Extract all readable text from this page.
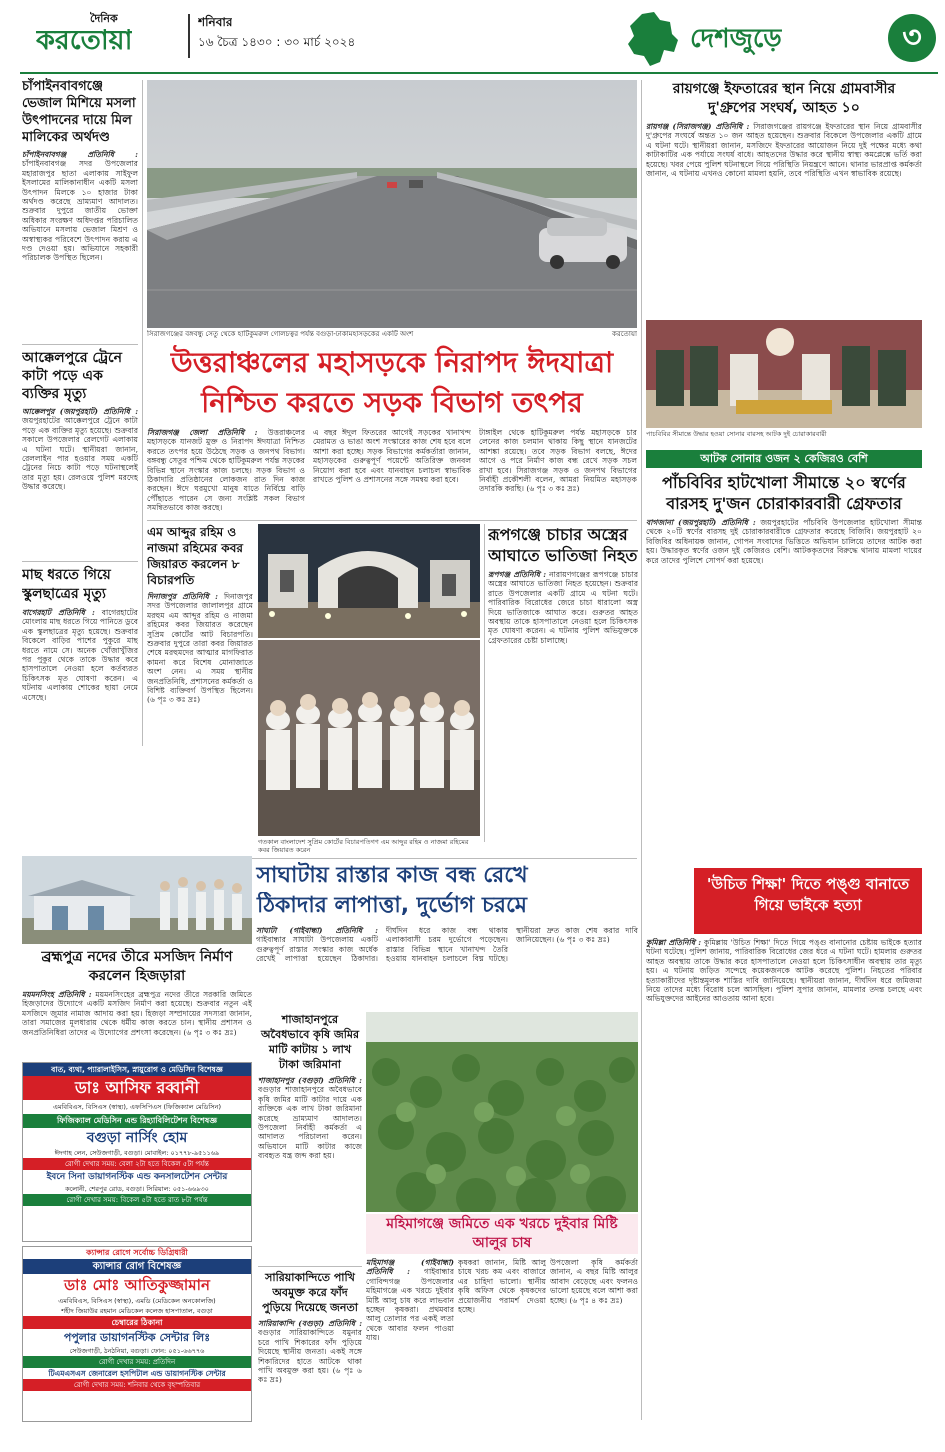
দৈনিক
করতোয়া
শনিবার
১৬ চৈত্র ১৪৩০ : ৩০ মার্চ ২০২৪	দেশজুড়ে	৩
চাঁপাইনবাবগঞ্জে ভেজাল মিশিয়ে মসলা উৎপাদনের দায়ে মিল মালিকের অর্থদণ্ড
চাঁপাইনবাবগঞ্জ প্রতিনিধি : চাঁপাইনবাবগঞ্জ সদর উপজেলার মহারাজপুর ছাতা এলাকায় সাইফুল ইসলামের মালিকানাধীন একটি মসলা উৎপাদন মিলকে ১০ হাজার টাকা অর্থদণ্ড করেছে ভ্রাম্যমাণ আদালত। শুক্রবার দুপুরে জাতীয় ভোক্তা অধিকার সংরক্ষণ অধিদপ্তর পরিচালিত অভিযানে মসলায় ভেজাল মিশ্রণ ও অস্বাস্থ্যকর পরিবেশে উৎপাদন করায় এ দণ্ড দেওয়া হয়। অভিযানে সহকারী পরিচালক উপস্থিত ছিলেন।
আক্কেলপুরে ট্রেনে কাটা পড়ে এক ব্যক্তির মৃত্যু
আক্কেলপুর (জয়পুরহাট) প্রতিনিধি : জয়পুরহাটের আক্কেলপুরে ট্রেনে কাটা পড়ে এক ব্যক্তির মৃত্যু হয়েছে। শুক্রবার সকালে উপজেলার রেলগেট এলাকায় এ ঘটনা ঘটে। স্থানীয়রা জানান, রেললাইন পার হওয়ার সময় একটি ট্রেনের নিচে কাটা পড়ে ঘটনাস্থলেই তার মৃত্যু হয়। রেলওয়ে পুলিশ মরদেহ উদ্ধার করেছে।
মাছ ধরতে গিয়ে স্কুলছাত্রের মৃত্যু
বাগেরহাট প্রতিনিধি : বাগেরহাটের মোংলায় মাছ ধরতে গিয়ে পানিতে ডুবে এক স্কুলছাত্রের মৃত্যু হয়েছে। শুক্রবার বিকেলে বাড়ির পাশের পুকুরে মাছ ধরতে নামে সে। অনেক খোঁজাখুঁজির পর পুকুর থেকে তাকে উদ্ধার করে হাসপাতালে নেওয়া হলে কর্তব্যরত চিকিৎসক মৃত ঘোষণা করেন। এ ঘটনায় এলাকায় শোকের ছায়া নেমে এসেছে।
সিরাজগঞ্জের বঙ্গবন্ধু সেতু থেকে হাটিকুমরুল গোলচত্বর পর্যন্ত বগুড়া-ঢাকামহাসড়কের একটি অংশ	করতোয়া
উত্তরাঞ্চলের মহাসড়কে নিরাপদ ঈদযাত্রা
নিশ্চিত করতে সড়ক বিভাগ তৎপর
সিরাজগঞ্জ জেলা প্রতিনিধি : উত্তরাঞ্চলের মহাসড়কে যানজট মুক্ত ও নিরাপদ ঈদযাত্রা নিশ্চিত করতে তৎপর হয়ে উঠেছে সড়ক ও জনপথ বিভাগ। বঙ্গবন্ধু সেতুর পশ্চিম থেকে হাটিকুমরুল পর্যন্ত সড়কের বিভিন্ন স্থানে সংস্কার কাজ চলছে। সড়ক বিভাগ ও ঠিকাদারি প্রতিষ্ঠানের লোকজন রাত দিন কাজ করছেন। ঈদে ঘরমুখো মানুষ যাতে নির্বিঘ্নে বাড়ি পৌঁছাতে পারেন সে জন্য সংশ্লিষ্ট সকল বিভাগ সমন্বিতভাবে কাজ করছে।
এ বছর ঈদুল ফিতরের আগেই সড়কের খানাখন্দ মেরামত ও ভাঙা অংশ সংস্কারের কাজ শেষ হবে বলে আশা করা হচ্ছে। সড়ক বিভাগের কর্মকর্তারা জানান, মহাসড়কের গুরুত্বপূর্ণ পয়েন্টে অতিরিক্ত জনবল নিয়োগ করা হবে এবং যানবাহন চলাচল স্বাভাবিক রাখতে পুলিশ ও প্রশাসনের সঙ্গে সমন্বয় করা হবে।
টাঙ্গাইল থেকে হাটিকুমরুল পর্যন্ত মহাসড়কে চার লেনের কাজ চলমান থাকায় কিছু স্থানে যানজটের আশঙ্কা রয়েছে। তবে সড়ক বিভাগ বলছে, ঈদের আগে ও পরে নির্মাণ কাজ বন্ধ রেখে সড়ক সচল রাখা হবে। সিরাজগঞ্জ সড়ক ও জনপথ বিভাগের নির্বাহী প্রকৌশলী বলেন, আমরা নিয়মিত মহাসড়ক তদারকি করছি। (৬ পৃঃ ৩ কঃ দ্রঃ)
এম আব্দুর রহিম ও নাজমা রহিমের কবর জিয়ারত করলেন ৮ বিচারপতি
দিনাজপুর প্রতিনিধি : দিনাজপুর সদর উপজেলার জালালপুর গ্রামে মরহুম এম আব্দুর রহিম ও নাজমা রহিমের কবর জিয়ারত করেছেন সুপ্রিম কোর্টের আট বিচারপতি। শুক্রবার দুপুরে তারা কবর জিয়ারত শেষে মরহুমদের আত্মার মাগফিরাত কামনা করে বিশেষ মোনাজাতে অংশ নেন। এ সময় স্থানীয় জনপ্রতিনিধি, প্রশাসনের কর্মকর্তা ও বিশিষ্ট ব্যক্তিবর্গ উপস্থিত ছিলেন। (৬ পৃঃ ৩ কঃ দ্রঃ)
গতকাল বাংলাদেশ সুপ্রিম কোর্টের বিচারপতিগণ এম আব্দুর রহিম ও নাজমা রহিমের কবর জিয়ারত করেন
রূপগঞ্জে চাচার অস্ত্রের আঘাতে ভাতিজা নিহত
রূপগঞ্জ প্রতিনিধি : নারায়ণগঞ্জের রূপগঞ্জে চাচার অস্ত্রের আঘাতে ভাতিজা নিহত হয়েছেন। শুক্রবার রাতে উপজেলার একটি গ্রামে এ ঘটনা ঘটে। পারিবারিক বিরোধের জেরে চাচা ধারালো অস্ত্র দিয়ে ভাতিজাকে আঘাত করে। গুরুতর আহত অবস্থায় তাকে হাসপাতালে নেওয়া হলে চিকিৎসক মৃত ঘোষণা করেন। এ ঘটনায় পুলিশ অভিযুক্তকে গ্রেফতারের চেষ্টা চালাচ্ছে।
রায়গঞ্জে ইফতারের স্থান নিয়ে গ্রামবাসীর
দু'গ্রুপের সংঘর্ষ, আহত ১০
রায়গঞ্জ (সিরাজগঞ্জ) প্রতিনিধি : সিরাজগঞ্জের রায়গঞ্জে ইফতারের স্থান নিয়ে গ্রামবাসীর দু'গ্রুপের সংঘর্ষে অন্তত ১০ জন আহত হয়েছেন। শুক্রবার বিকেলে উপজেলার একটি গ্রামে এ ঘটনা ঘটে। স্থানীয়রা জানান, মসজিদে ইফতারের আয়োজন নিয়ে দুই পক্ষের মধ্যে কথা কাটাকাটির এক পর্যায়ে সংঘর্ষ বাধে। আহতদের উদ্ধার করে স্থানীয় স্বাস্থ্য কমপ্লেক্সে ভর্তি করা হয়েছে। খবর পেয়ে পুলিশ ঘটনাস্থলে গিয়ে পরিস্থিতি নিয়ন্ত্রণে আনে। থানার ভারপ্রাপ্ত কর্মকর্তা জানান, এ ঘটনায় এখনও কোনো মামলা হয়নি, তবে পরিস্থিতি এখন স্বাভাবিক রয়েছে।
পাচবিবির সীমান্তে উদ্ধার হওয়া সোনার বারসহ আটক দুই চোরাকারবারী
আটক সোনার ওজন ২ কেজিরও বেশি
পাঁচবিবির হাটখোলা সীমান্তে ২০ স্বর্ণের বারসহ দু'জন চোরাকারবারী গ্রেফতার
বাগজানা (জয়পুরহাট) প্রতিনিধি : জয়পুরহাটের পাঁচবিবি উপজেলার হাটখোলা সীমান্ত থেকে ২০টি স্বর্ণের বারসহ দুই চোরাকারবারীকে গ্রেফতার করেছে বিজিবি। জয়পুরহাট ২০ বিজিবির অধিনায়ক জানান, গোপন সংবাদের ভিত্তিতে অভিযান চালিয়ে তাদের আটক করা হয়। উদ্ধারকৃত স্বর্ণের ওজন দুই কেজিরও বেশি। আটককৃতদের বিরুদ্ধে থানায় মামলা দায়ের করে তাদের পুলিশে সোপর্দ করা হয়েছে।
'উচিত শিক্ষা' দিতে পঙ্গু বানাতে গিয়ে ভাইকে হত্যা
কুমিল্লা প্রতিনিধি : কুমিল্লায় 'উচিত শিক্ষা' দিতে গিয়ে পঙ্গু বানানোর চেষ্টায় ভাইকে হত্যার ঘটনা ঘটেছে। পুলিশ জানায়, পারিবারিক বিরোধের জের ধরে এ ঘটনা ঘটে। হামলায় গুরুতর আহত অবস্থায় তাকে উদ্ধার করে হাসপাতালে নেওয়া হলে চিকিৎসাধীন অবস্থায় তার মৃত্যু হয়। এ ঘটনায় জড়িত সন্দেহে কয়েকজনকে আটক করেছে পুলিশ। নিহতের পরিবার হত্যাকারীদের দৃষ্টান্তমূলক শাস্তির দাবি জানিয়েছে। স্থানীয়রা জানান, দীর্ঘদিন ধরে জমিজমা নিয়ে তাদের মধ্যে বিরোধ চলে আসছিল। পুলিশ সুপার জানান, মামলার তদন্ত চলছে এবং অভিযুক্তদের আইনের আওতায় আনা হবে।
সাঘাটায় রাস্তার কাজ বন্ধ রেখে
ঠিকাদার লাপাত্তা, দুর্ভোগ চরমে
সাঘাটা (গাইবান্ধা) প্রতিনিধি : গাইবান্ধার সাঘাটা উপজেলায় একটি গুরুত্বপূর্ণ রাস্তার সংস্কার কাজ অর্ধেক রেখেই লাপাত্তা হয়েছেন ঠিকাদার। দীর্ঘদিন ধরে কাজ বন্ধ থাকায় এলাকাবাসী চরম দুর্ভোগে পড়েছেন। রাস্তার বিভিন্ন স্থানে খানাখন্দ তৈরি হওয়ায় যানবাহন চলাচলে বিঘ্ন ঘটছে। স্থানীয়রা দ্রুত কাজ শেষ করার দাবি জানিয়েছেন। (৬ পৃঃ ৩ কঃ দ্রঃ)
ব্রহ্মপুত্র নদের তীরে মসজিদ নির্মাণ করলেন হিজড়ারা
ময়মনসিংহ প্রতিনিধি : ময়মনসিংহের ব্রহ্মপুত্র নদের তীরে সরকারি জমিতে হিজড়াদের উদ্যোগে একটি মসজিদ নির্মাণ করা হয়েছে। শুক্রবার নতুন এই মসজিদে জুমার নামাজ আদায় করা হয়। হিজড়া সম্প্রদায়ের সদস্যরা জানান, তারা সমাজের মূলধারায় থেকে ধর্মীয় কাজ করতে চান। স্থানীয় প্রশাসন ও জনপ্রতিনিধিরা তাদের এ উদ্যোগের প্রশংসা করেছেন। (৬ পৃঃ ৩ কঃ দ্রঃ)
শাজাহানপুরে অবৈধভাবে কৃষি জমির মাটি কাটায় ১ লাখ টাকা জরিমানা
শাজাহানপুর (বগুড়া) প্রতিনিধি : বগুড়ার শাজাহানপুরে অবৈধভাবে কৃষি জমির মাটি কাটার দায়ে এক ব্যক্তিকে এক লাখ টাকা জরিমানা করেছে ভ্রাম্যমাণ আদালত। উপজেলা নির্বাহী কর্মকর্তা এ আদালত পরিচালনা করেন। অভিযানে মাটি কাটার কাজে ব্যবহৃত যন্ত্র জব্দ করা হয়।
সারিয়াকান্দিতে পাখি অবমুক্ত করে ফাঁদ পুড়িয়ে দিয়েছে জনতা
সারিয়াকান্দি (বগুড়া) প্রতিনিধি : বগুড়ার সারিয়াকান্দিতে যমুনার চরে পাখি শিকারের ফাঁদ পুড়িয়ে দিয়েছে স্থানীয় জনতা। একই সঙ্গে শিকারিদের হাতে আটকে থাকা পাখি অবমুক্ত করা হয়। (৬ পৃঃ ৬ কঃ দ্রঃ)
মহিমাগঞ্জে জমিতে এক খরচে দুইবার মিষ্টি আলুর চাষ
মহিমাগঞ্জ (গাইবান্ধা) প্রতিনিধি : গাইবান্ধার গোবিন্দগঞ্জ উপজেলার মহিমাগঞ্জে এক খরচে দুইবার মিষ্টি আলু চাষ করে লাভবান হচ্ছেন কৃষকরা। প্রথমবার আলু তোলার পর একই লতা থেকে আবার ফলন পাওয়া যায়।
কৃষকরা জানান, মিষ্টি আলু চাষে খরচ কম এবং বাজারে এর চাহিদা ভালো। স্থানীয় কৃষি অফিস থেকে কৃষকদের প্রয়োজনীয় পরামর্শ দেওয়া হচ্ছে।
উপজেলা কৃষি কর্মকর্তা জানান, এ বছর মিষ্টি আলুর আবাদ বেড়েছে এবং ফলনও ভালো হয়েছে বলে আশা করা হচ্ছে। (৬ পৃঃ ৪ কঃ দ্রঃ)
বাত, ব্যথা, প্যারালাইসিস, স্নায়ুরোগ ও মেডিসিন বিশেষজ্ঞ
ডাঃ আসিফ রব্বানী
এমবিবিএস, বিসিএস (স্বাস্থ্য), এফসিপিএস (ফিজিক্যাল মেডিসিন)
ফিজিক্যাল মেডিসিন এন্ড রিহ্যাবিলিটেশন বিশেষজ্ঞ
বগুড়া নার্সিং হোম
ঈদগাহ লেন, সেউজগাড়ী, বগুড়া। মোবাইল: ০১৭৭৮-৯৫১১৬৯
রোগী দেখার সময়: বেলা ২টা হতে বিকেল ৫টা পর্যন্ত
ইবনে সিনা ডায়াগনস্টিক এন্ড কনসালটেশন সেন্টার
কলোনী, শেরপুর রোড, বগুড়া। সিরিয়াল: ০৫১-৬৬৯৩০
রোগী দেখার সময়: বিকেল ৫টা হতে রাত ৮টা পর্যন্ত
ক্যান্সার রোগে সর্বোচ্চ ডিগ্রিধারী
ক্যান্সার রোগ বিশেষজ্ঞ
ডাঃ মোঃ আতিকুজ্জামান
এমবিবিএস, বিসিএস (স্বাস্থ্য), এমডি (মেডিকেল অনকোলজি)
শহীদ জিয়াউর রহমান মেডিকেল কলেজ হাসপাতাল, বগুড়া
চেম্বারের ঠিকানা
পপুলার ডায়াগনস্টিক সেন্টার লিঃ
সেউজগাড়ী, ঠনঠনিয়া, বগুড়া। ফোন: ০৫১-৬৬৭৭৬
রোগী দেখার সময়: প্রতিদিন
টিএমএসএস জেনারেল হসপিটাল এন্ড ডায়াগনস্টিক সেন্টার
রোগী দেখার সময়: শনিবার থেকে বৃহস্পতিবার
